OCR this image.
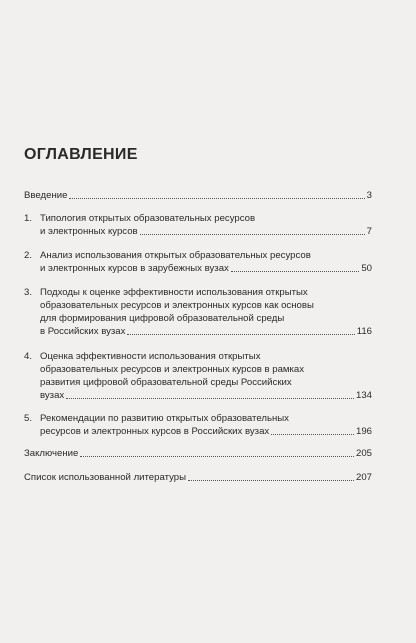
ОГЛАВЛЕНИЕ
Введение	3
1. Типология открытых образовательных ресурсов
и электронных курсов	7
2. Анализ использования открытых образовательных ресурсов
и электронных курсов в зарубежных вузах	50
3. Подходы к оценке эффективности использования открытых
образовательных ресурсов и электронных курсов как основы
для формирования цифровой образовательной среды
в Российских вузах	116
4. Оценка эффективности использования открытых
образовательных ресурсов и электронных курсов в рамках
развития цифровой образовательной среды Российских
вузах	134
5. Рекомендации по развитию открытых образовательных
ресурсов и электронных курсов в Российских вузах	196
Заключение	205
Список использованной литературы	207
